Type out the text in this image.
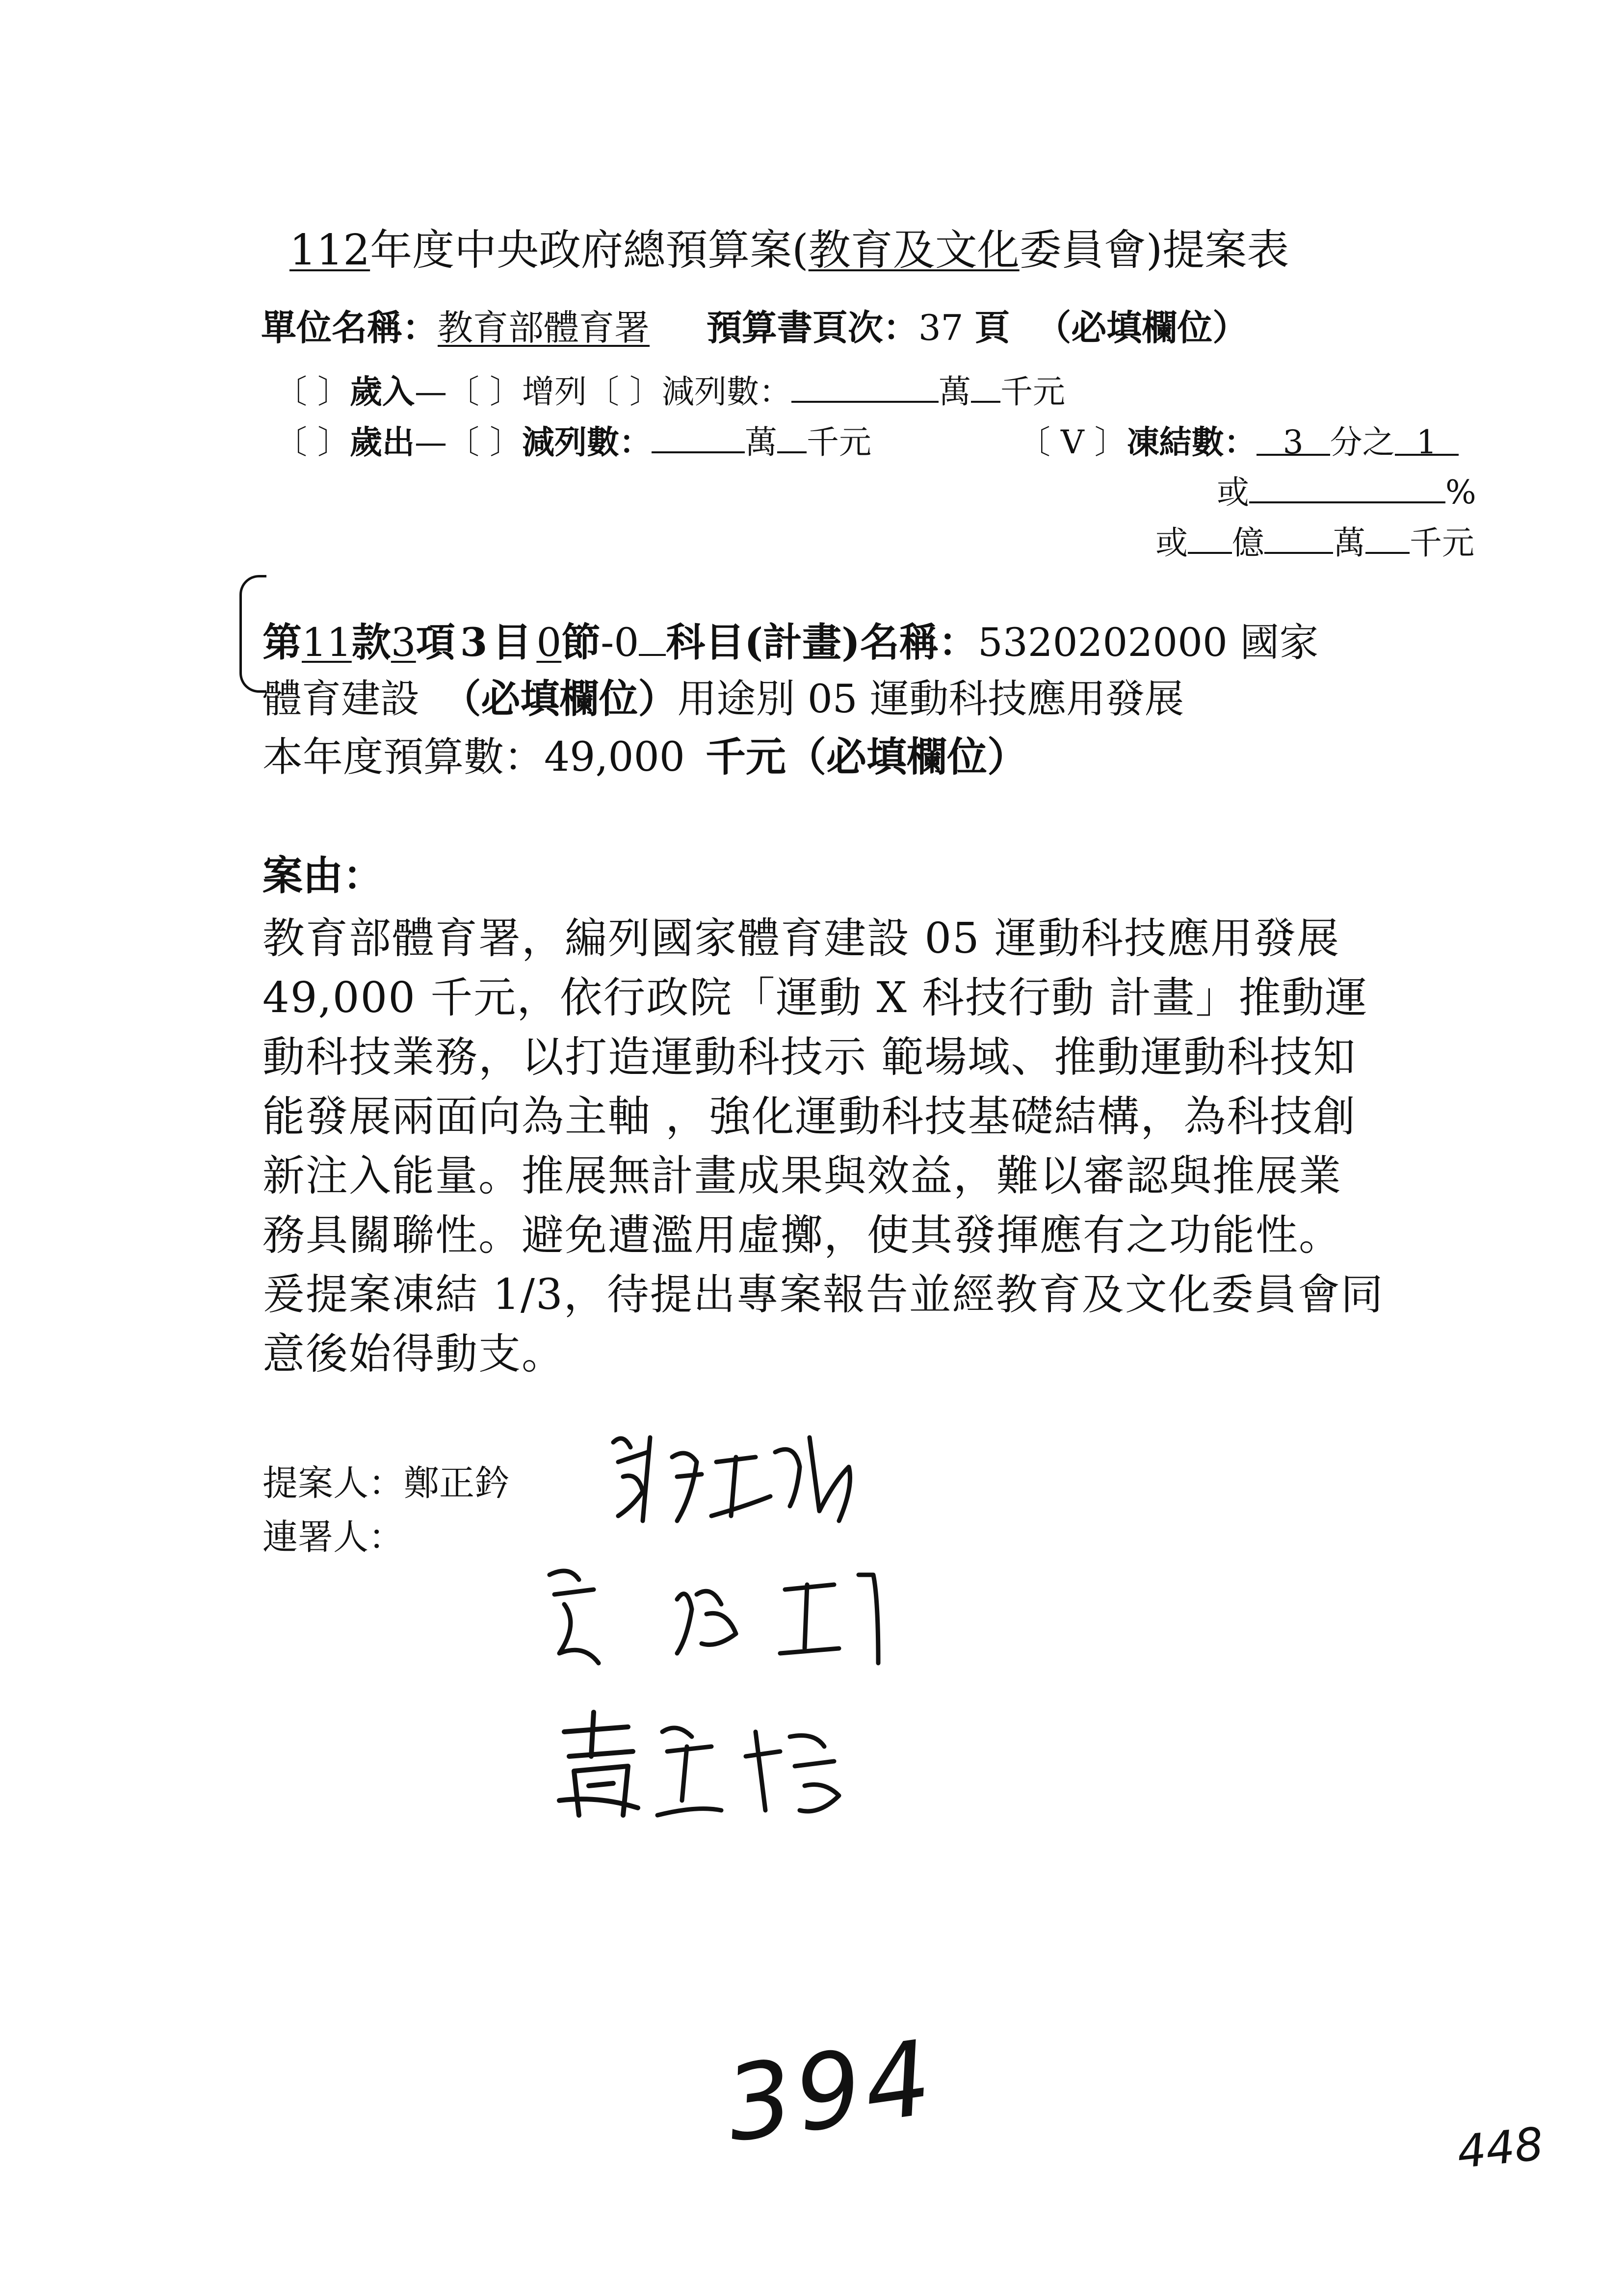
112年度中央政府總預算案(教育及文化委員會)提案表
單位名稱：教育部體育署 預算書頁次：37 頁 （必填欄位）
〔 〕歲入—〔 〕增列〔 〕減列數：	萬 千元
〔 〕歲出—〔 〕減列數：	萬 千元	〔 V 〕凍結數： 3 分之 1
或	%
或 億 萬 千元
第11款3項 3 目 0節-0 科目(計畫)名稱：5320202000 國家
體育建設 （必填欄位）用途別 05 運動科技應用發展
本年度預算數：49,000 千元（必填欄位）
案由：
教育部體育署，編列國家體育建設 05 運動科技應用發展
49,000 千元，依行政院「運動 X 科技行動 計畫」推動運
動科技業務，以打造運動科技示 範場域、推動運動科技知
能發展兩面向為主軸 ，強化運動科技基礎結構，為科技創
新注入能量。推展無計畫成果與效益，難以審認與推展業
務具關聯性。避免遭濫用虛擲，使其發揮應有之功能性。
爰提案凍結 1/3，待提出專案報告並經教育及文化委員會同
意後始得動支。
提案人：鄭正鈐
連署人：
394	448
